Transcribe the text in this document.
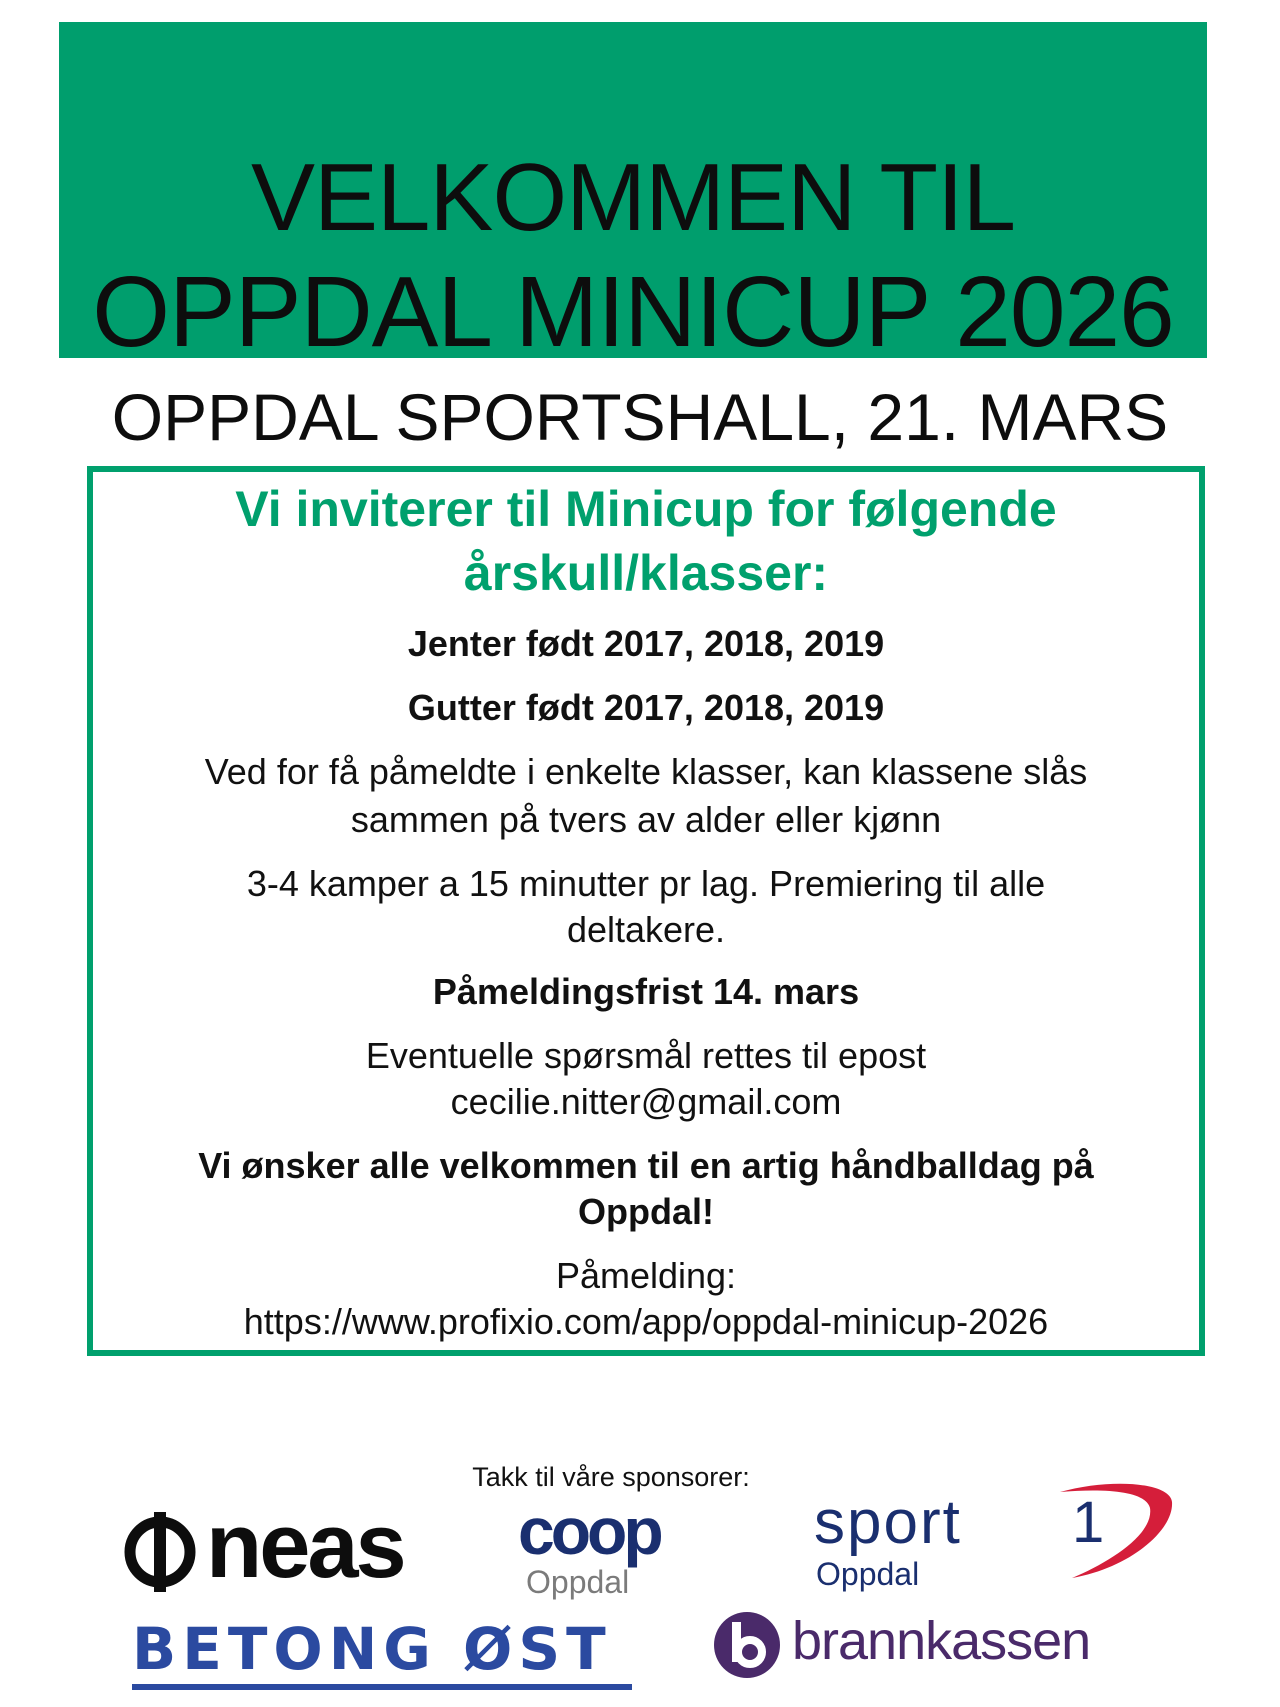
VELKOMMEN TIL
OPPDAL MINICUP 2026
OPPDAL SPORTSHALL, 21. MARS
Vi inviterer til Minicup for følgende
årskull/klasser:
Jenter født 2017, 2018, 2019
Gutter født 2017, 2018, 2019
Ved for få påmeldte i enkelte klasser, kan klassene slås
sammen på tvers av alder eller kjønn
3-4 kamper a 15 minutter pr lag. Premiering til alle
deltakere.
Påmeldingsfrist 14. mars
Eventuelle spørsmål rettes til epost
cecilie.nitter@gmail.com
Vi ønsker alle velkommen til en artig håndballdag på
Oppdal!
Påmelding:
https://www.profixio.com/app/oppdal-minicup-2026
Takk til våre sponsorer:
neas coop
Oppdal
sport 1
Oppdal
BETONG ØST	brannkassen
